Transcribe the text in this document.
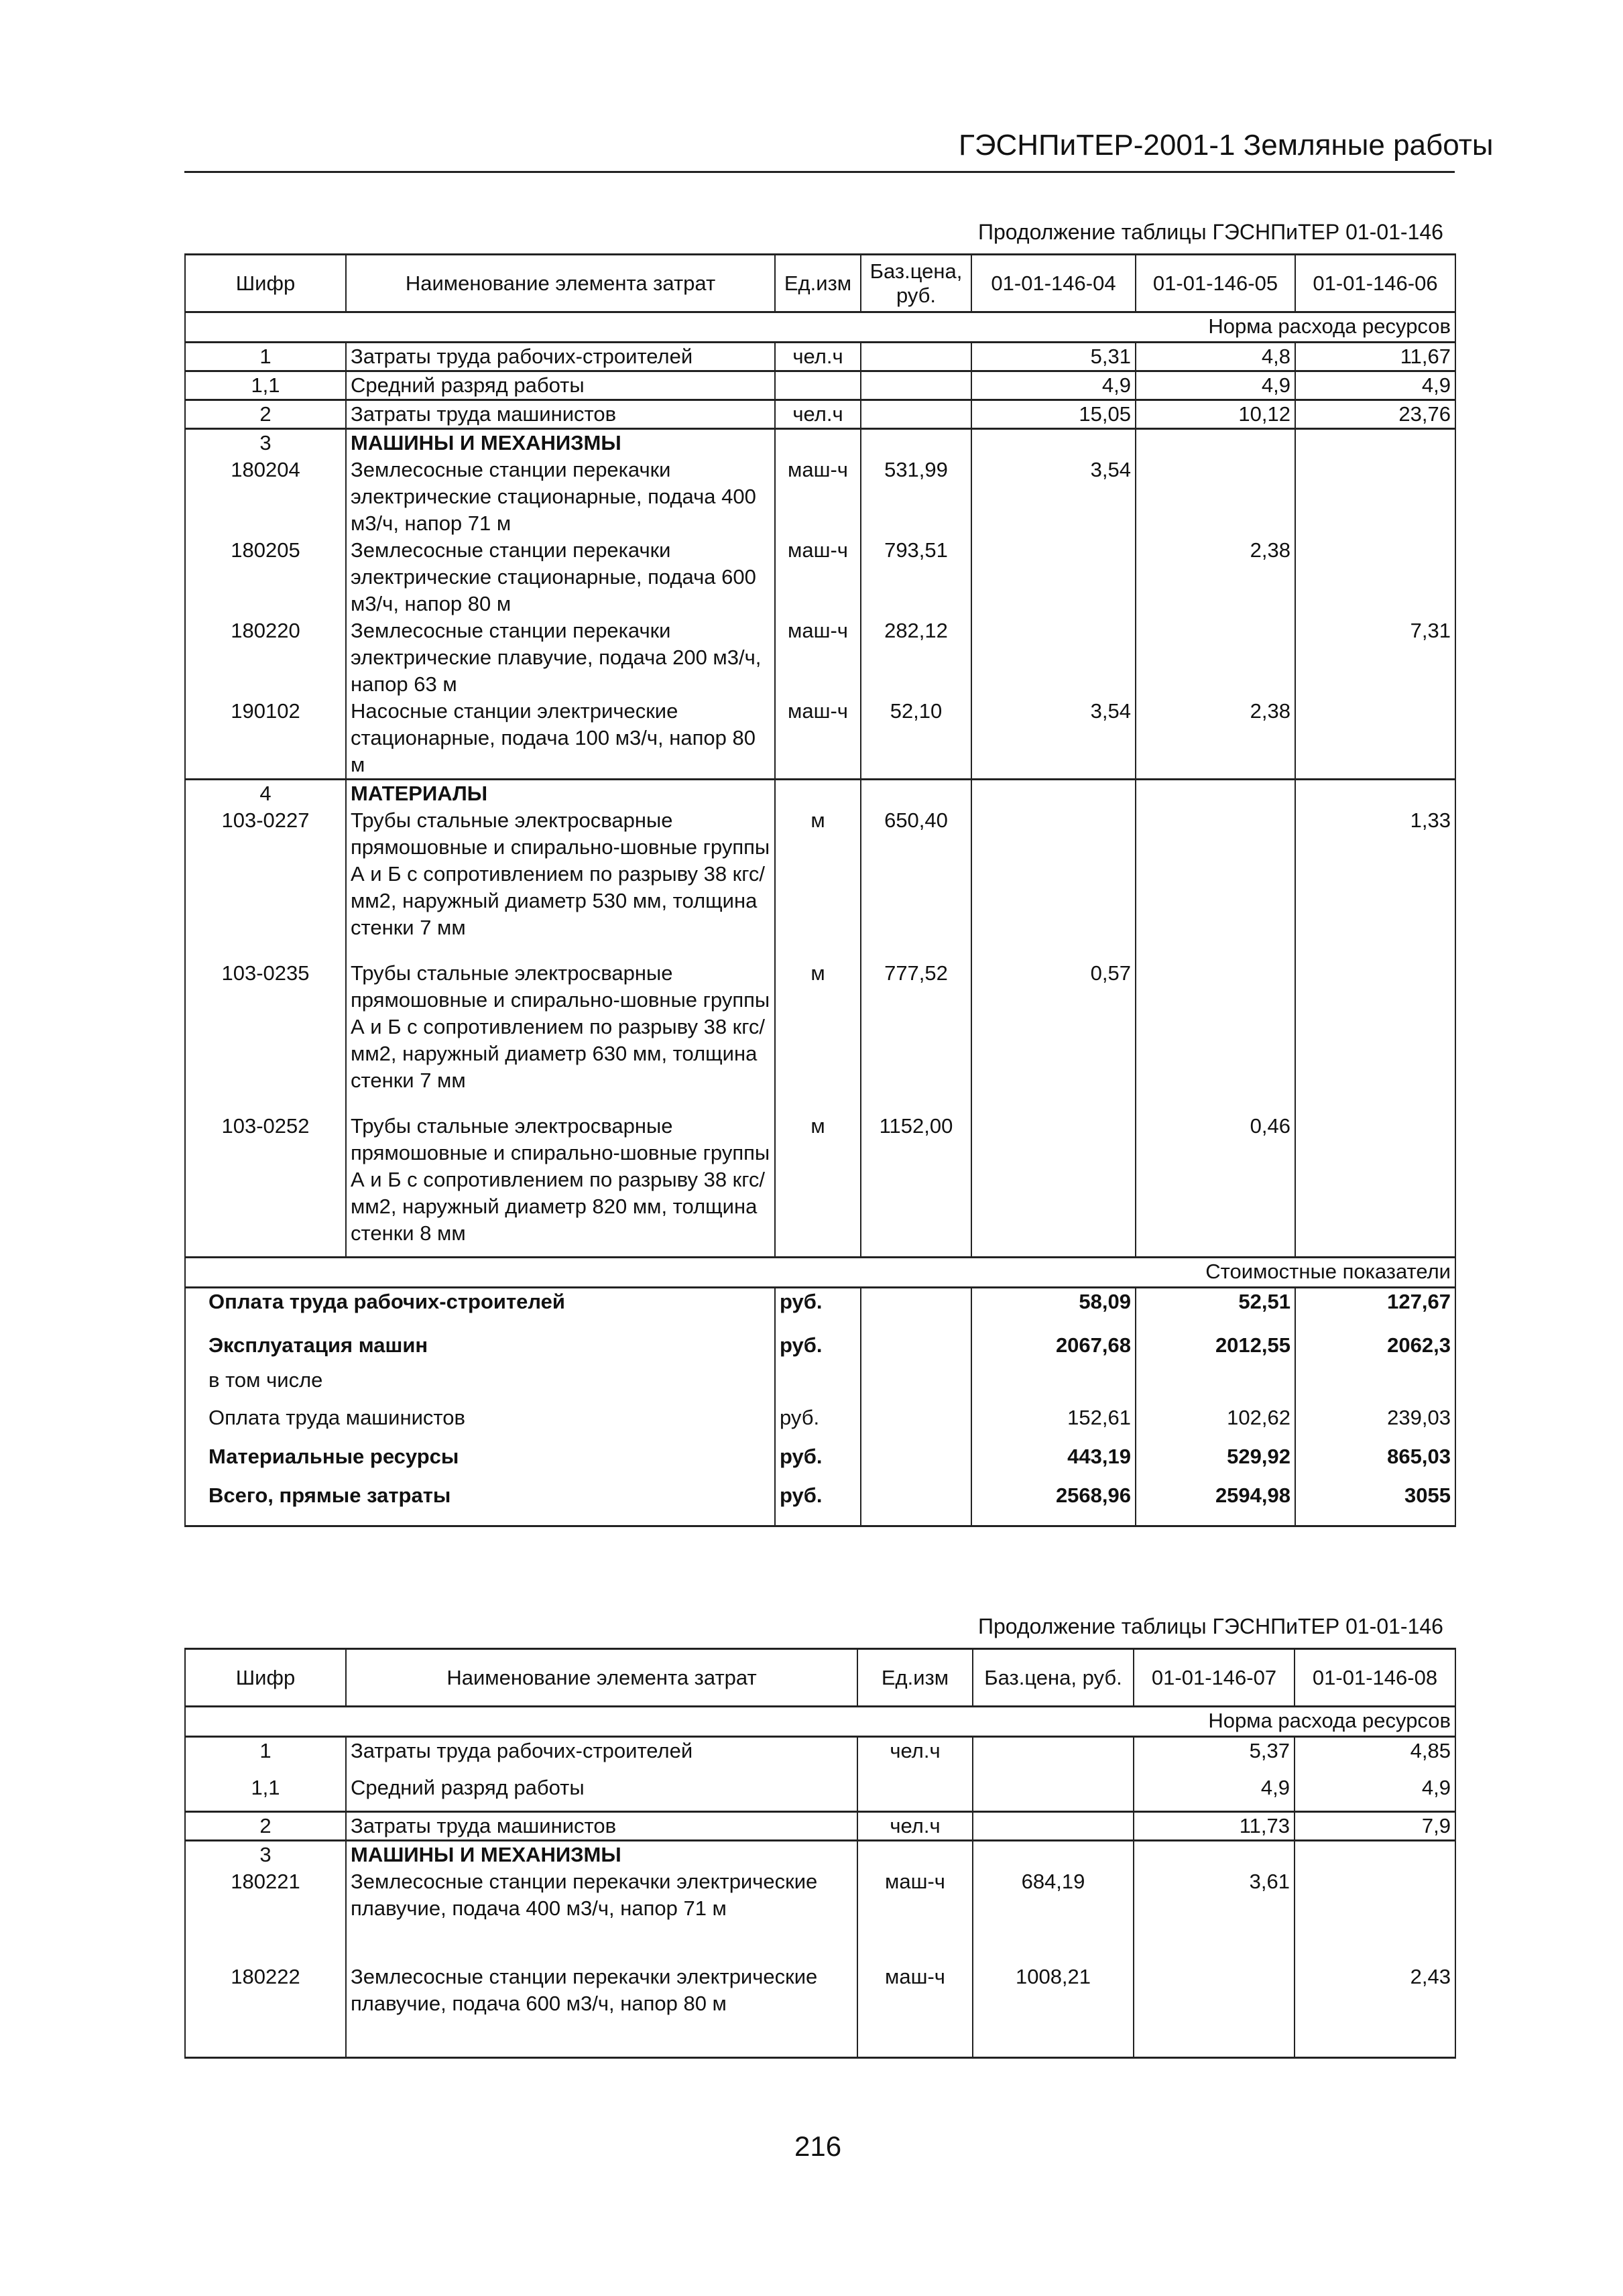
ГЭСНПиТЕР-2001-1 Земляные работы
Продолжение таблицы ГЭСНПиТЕР 01-01-146
Шифр	Наименование элемента затрат	Ед.изм	Баз.цена, руб.	01-01-146-04	01-01-146-05	01-01-146-06
Норма расхода ресурсов						
1	Затраты труда рабочих-строителей	чел.ч		5,31	4,8	11,67
1,1	Средний разряд работы			4,9	4,9	4,9
2	Затраты труда машинистов	чел.ч		15,05	10,12	23,76
3	МАШИНЫ И МЕХАНИЗМЫ					
180204	Землесосные станции перекачки электрические стационарные, подача 400 м3/ч, напор 71 м	маш-ч	531,99	3,54		
180205	Землесосные станции перекачки электрические стационарные, подача 600 м3/ч, напор 80 м	маш-ч	793,51		2,38	
180220	Землесосные станции перекачки электрические плавучие, подача 200 м3/ч, напор 63 м	маш-ч	282,12			7,31
190102	Насосные станции электрические стационарные, подача 100 м3/ч, напор 80 м	маш-ч	52,10	3,54	2,38	
4	МАТЕРИАЛЫ					
103-0227	Трубы стальные электросварные прямошовные и спирально-шовные группы А и Б с сопротивлением по разрыву 38 кгс/мм2, наружный диаметр 530 мм, толщина стенки 7 мм	м	650,40			1,33
103-0235	Трубы стальные электросварные прямошовные и спирально-шовные группы А и Б с сопротивлением по разрыву 38 кгс/мм2, наружный диаметр 630 мм, толщина стенки 7 мм	м	777,52	0,57		
103-0252	Трубы стальные электросварные прямошовные и спирально-шовные группы А и Б с сопротивлением по разрыву 38 кгс/мм2, наружный диаметр 820 мм, толщина стенки 8 мм	м	1152,00		0,46	
Стоимостные показатели						
Оплата труда рабочих-строителей		руб.		58,09	52,51	127,67
Эксплуатация машин		руб.		2067,68	2012,55	2062,3
в том числе						
Оплата труда машинистов		руб.		152,61	102,62	239,03
Материальные ресурсы		руб.		443,19	529,92	865,03
Всего, прямые затраты		руб.		2568,96	2594,98	3055
Продолжение таблицы ГЭСНПиТЕР 01-01-146
Шифр	Наименование элемента затрат	Ед.изм	Баз.цена, руб.	01-01-146-07	01-01-146-08
Норма расхода ресурсов					
1	Затраты труда рабочих-строителей	чел.ч		5,37	4,85
1,1	Средний разряд работы			4,9	4,9
2	Затраты труда машинистов	чел.ч		11,73	7,9
3	МАШИНЫ И МЕХАНИЗМЫ				
180221	Землесосные станции перекачки электрические плавучие, подача 400 м3/ч, напор 71 м	маш-ч	684,19	3,61	
180222	Землесосные станции перекачки электрические плавучие, подача 600 м3/ч, напор 80 м	маш-ч	1008,21		2,43
216
